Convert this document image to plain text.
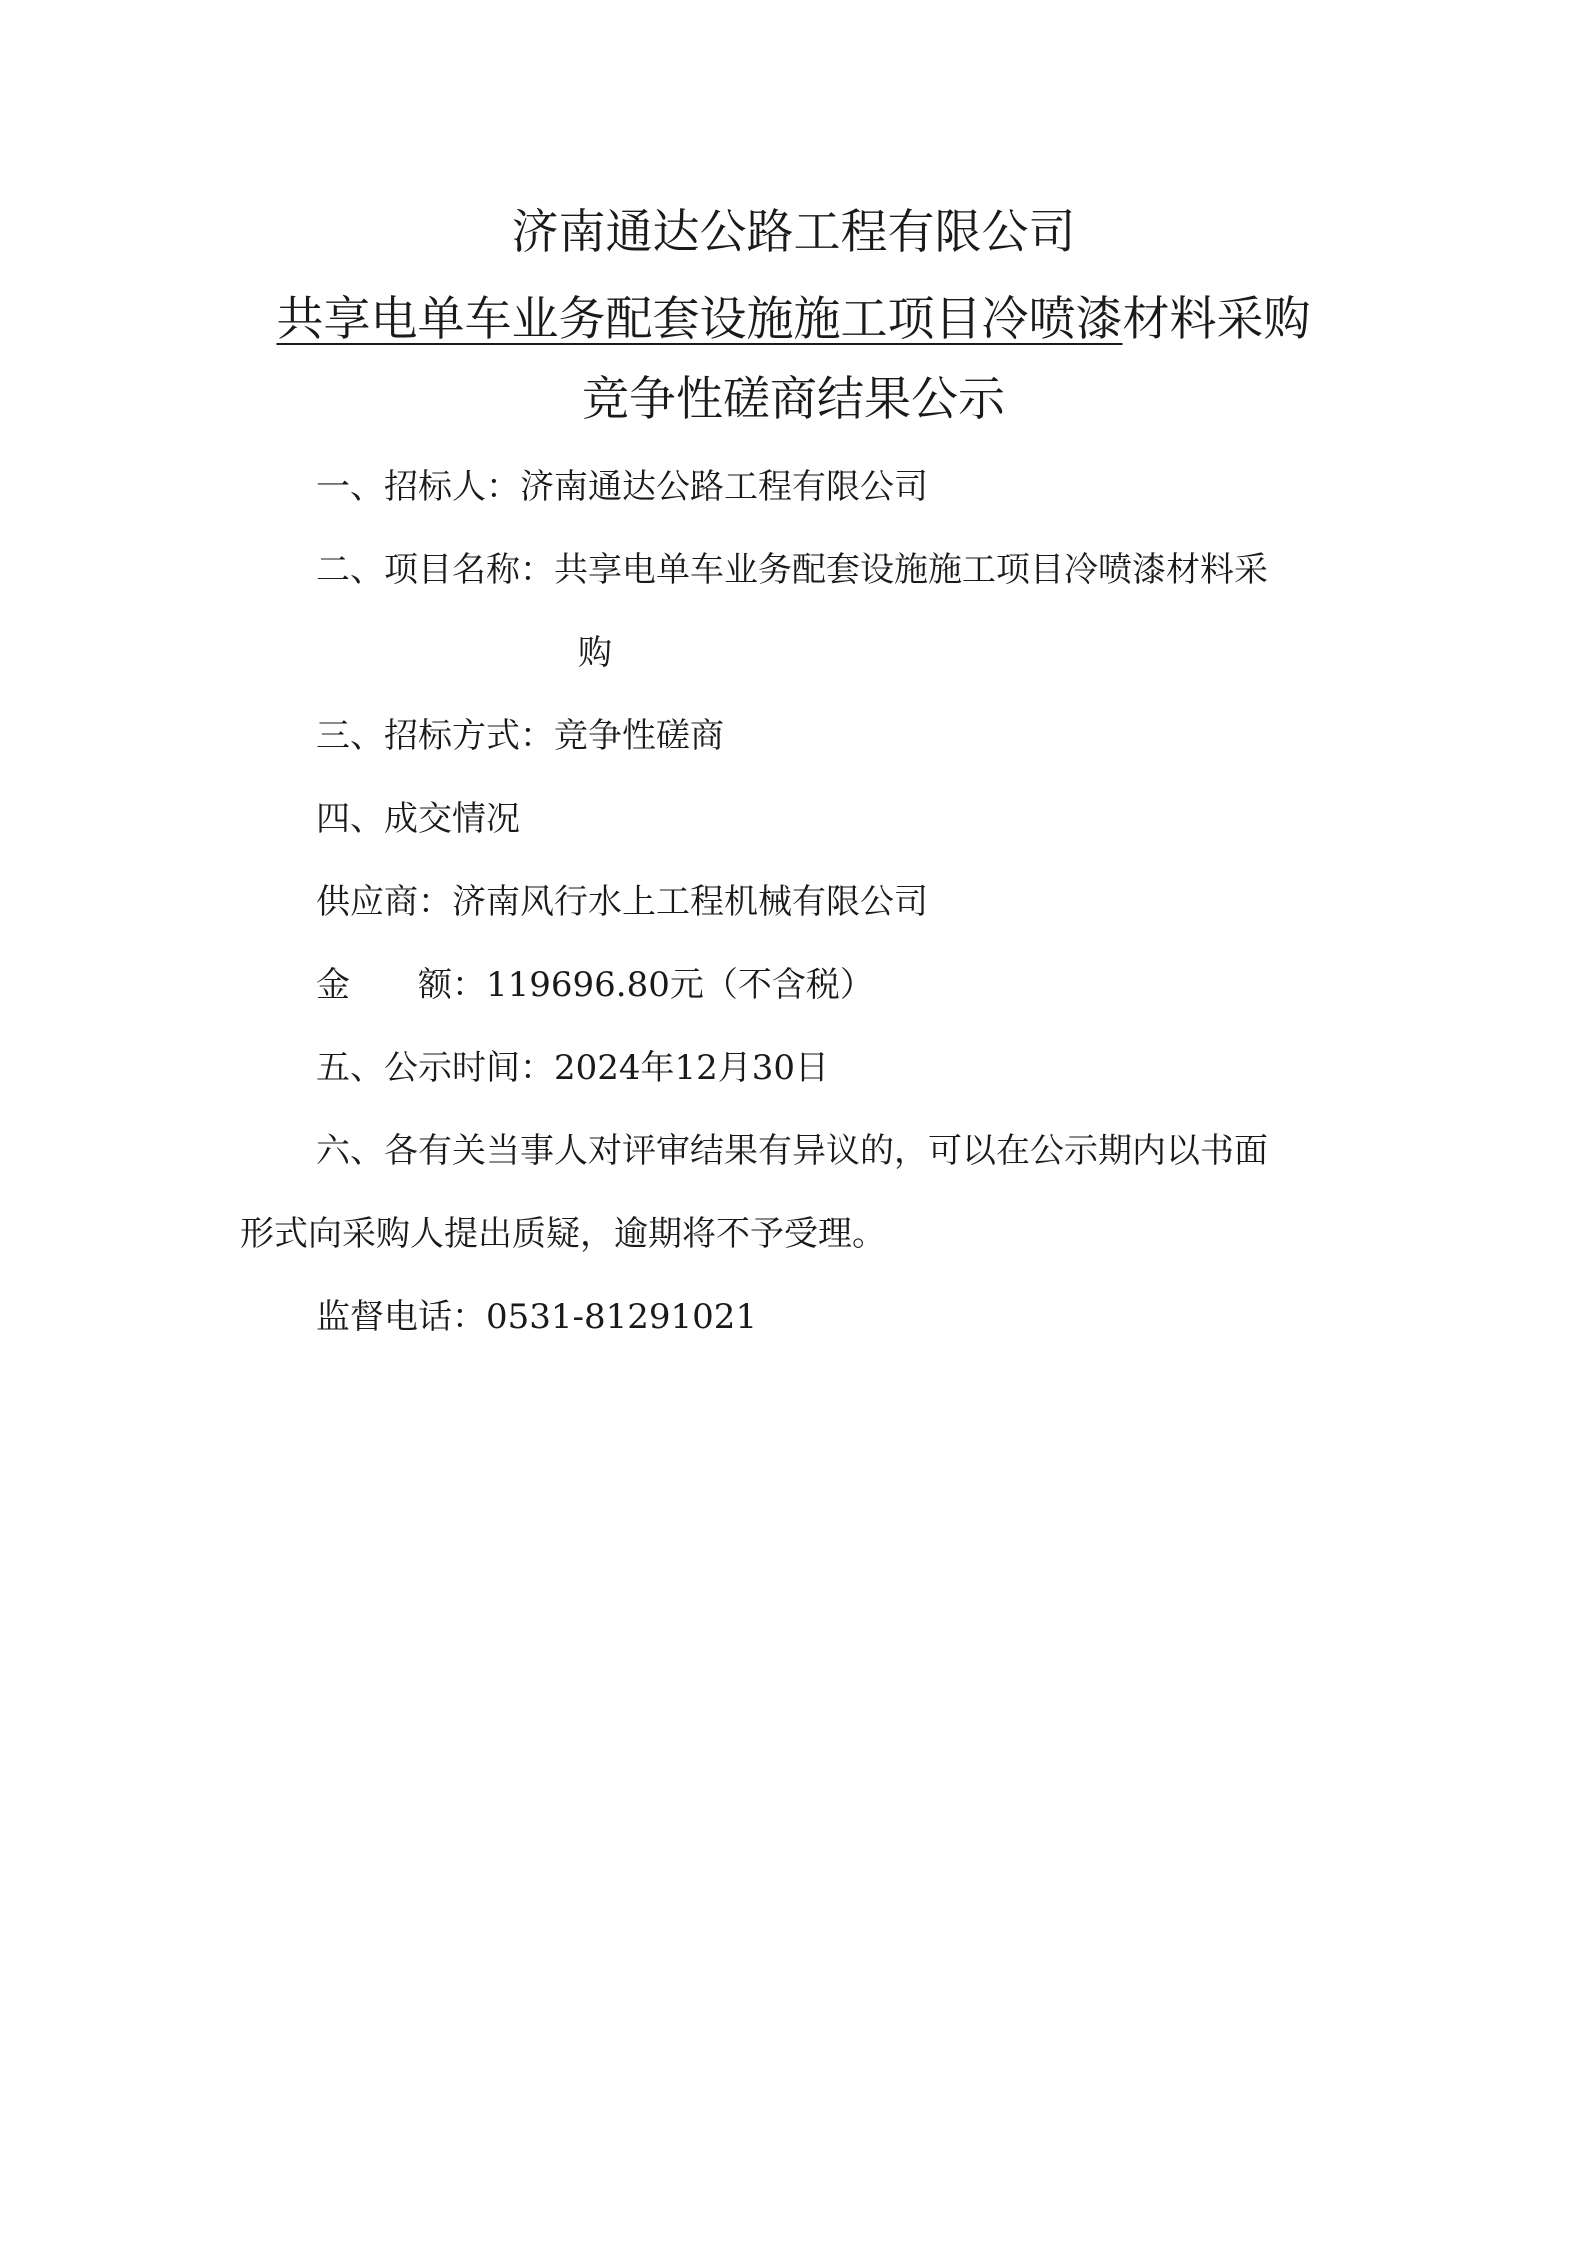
济南通达公路工程有限公司
共享电单车业务配套设施施工项目冷喷漆材料采购
竞争性磋商结果公示
一、招标人：济南通达公路工程有限公司
二、项目名称：共享电单车业务配套设施施工项目冷喷漆材料采
购
三、招标方式：竞争性磋商
四、成交情况
供应商：济南风行水上工程机械有限公司
金 额：119696.80元（不含税）
五、公示时间：2024年12月30日
六、各有关当事人对评审结果有异议的，可以在公示期内以书面
形式向采购人提出质疑，逾期将不予受理。
监督电话：0531-81291021
